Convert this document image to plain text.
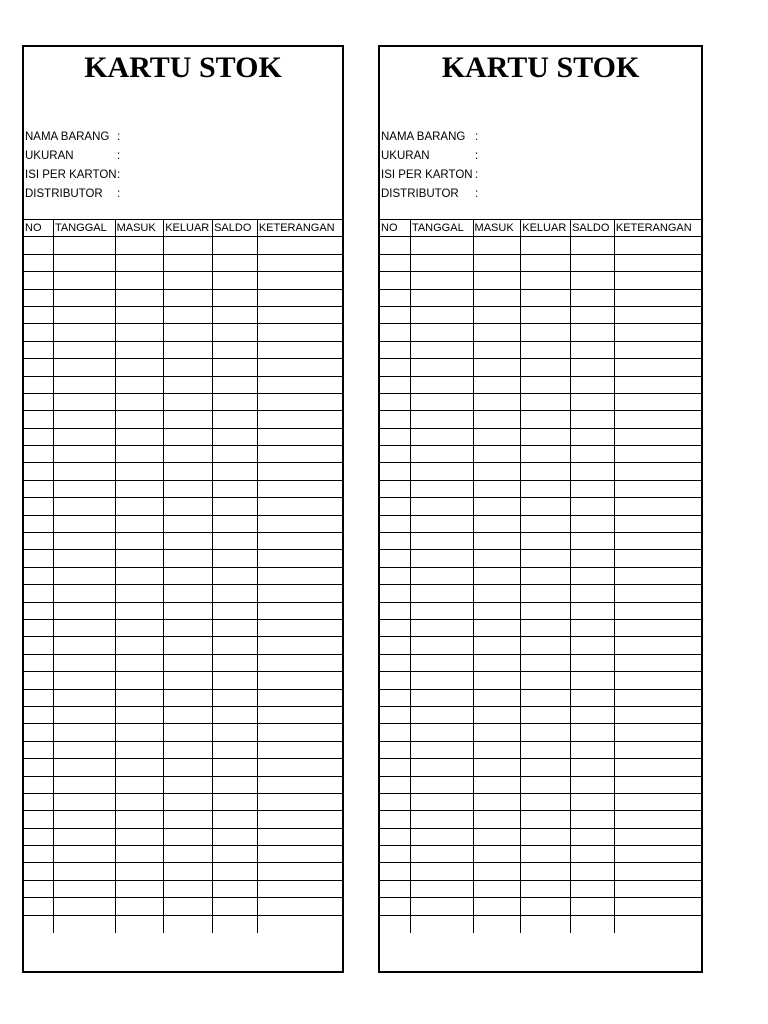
KARTU STOK
NAMA BARANG :
UKURAN	:
ISI PER KARTON :
DISTRIBUTOR :
NO	TANGGAL	MASUK	KELUAR	SALDO	KETERANGAN

KARTU STOK
NAMA BARANG :
UKURAN	:
ISI PER KARTON :
DISTRIBUTOR :
NO	TANGGAL	MASUK	KELUAR	SALDO	KETERANGAN
